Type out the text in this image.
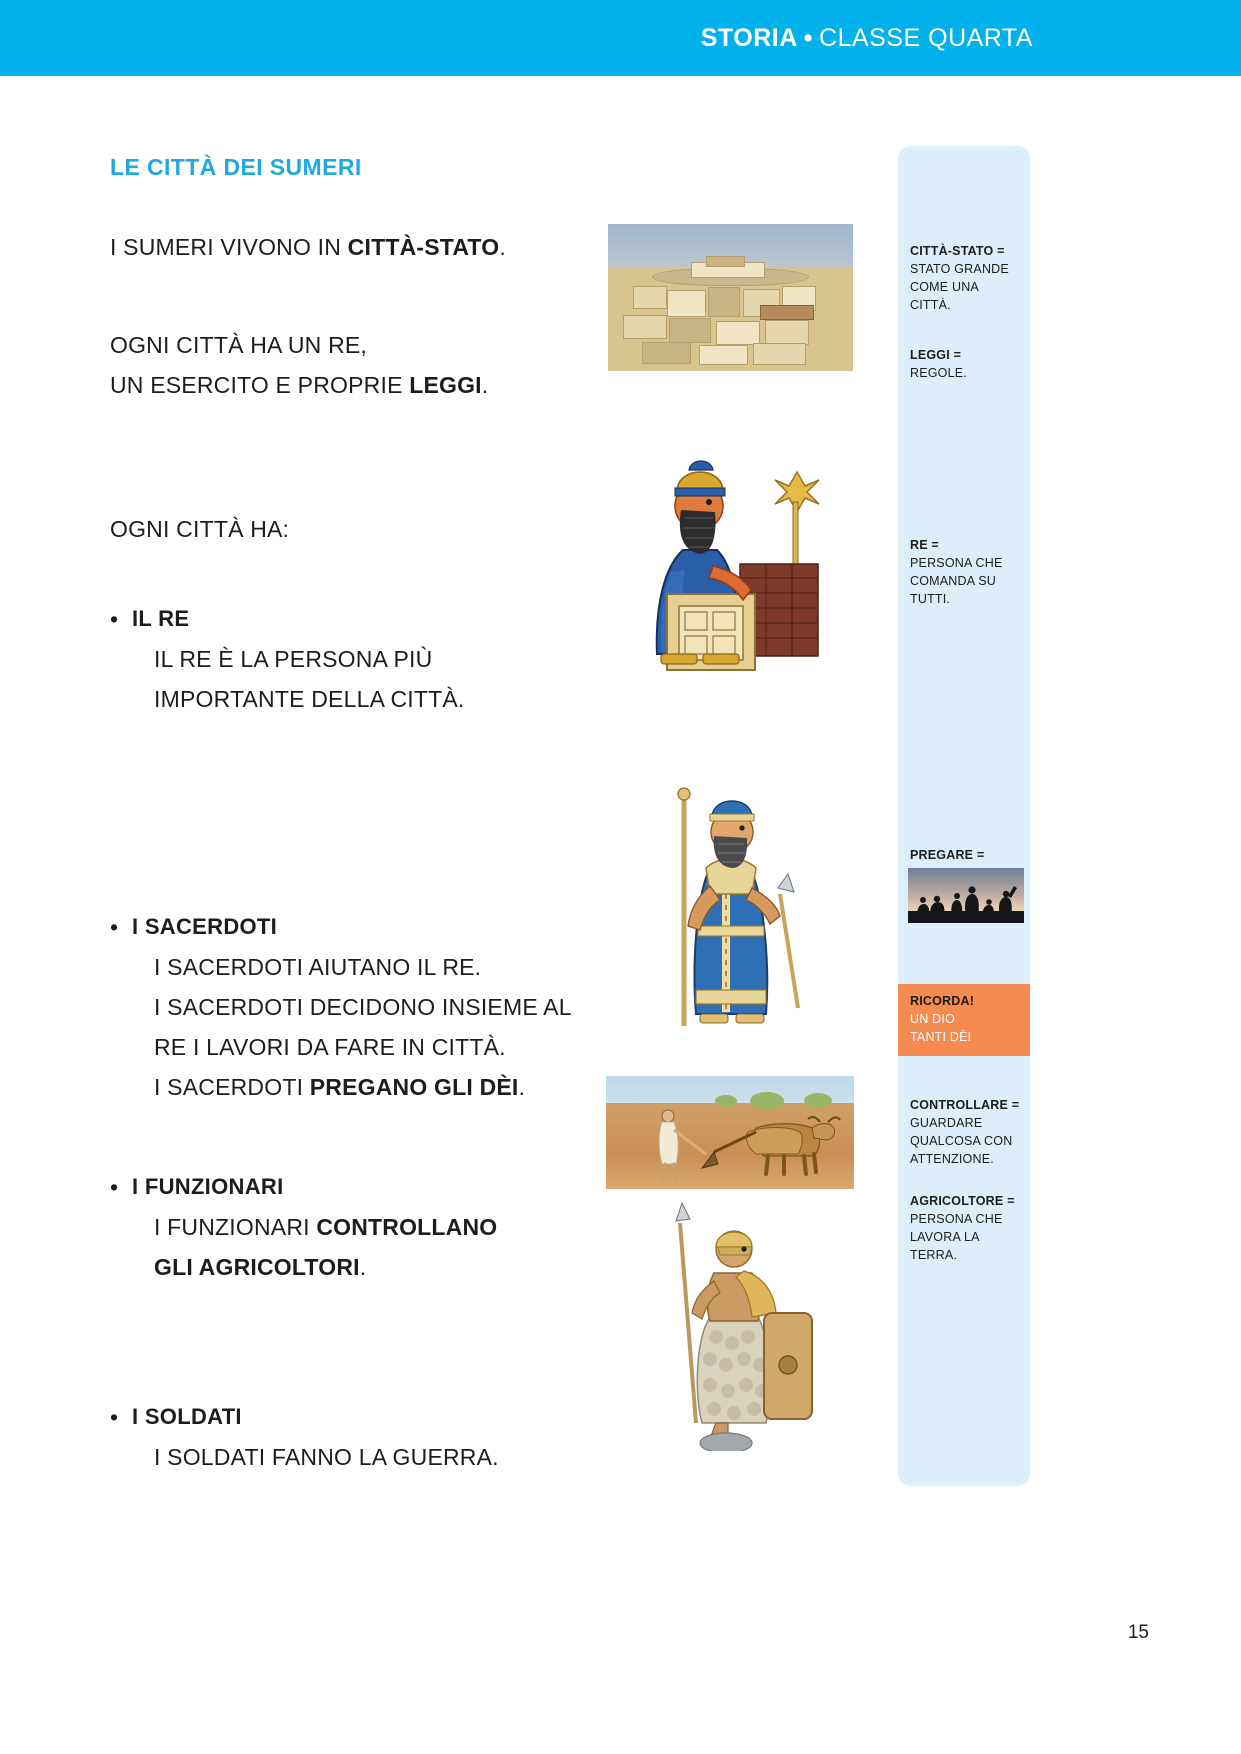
STORIA • CLASSE QUARTA
LE CITTÀ DEI SUMERI
I SUMERI VIVONO IN CITTÀ-STATO.
OGNI CITTÀ HA UN RE,
UN ESERCITO E PROPRIE LEGGI.
OGNI CITTÀ HA:
• IL RE
IL RE È LA PERSONA PIÙ
IMPORTANTE DELLA CITTÀ.
• I SACERDOTI
I SACERDOTI AIUTANO IL RE.
I SACERDOTI DECIDONO INSIEME AL
RE I LAVORI DA FARE IN CITTÀ.
I SACERDOTI PREGANO GLI DÈI.
• I FUNZIONARI
I FUNZIONARI CONTROLLANO
GLI AGRICOLTORI.
• I SOLDATI
I SOLDATI FANNO LA GUERRA.
CITTÀ-STATO =
STATO GRANDE
COME UNA
CITTÀ.
LEGGI =
REGOLE.
RE =
PERSONA CHE
COMANDA SU
TUTTI.
PREGARE =
RICORDA!
UN DIO
TANTI DÈI
CONTROLLARE =
GUARDARE
QUALCOSA CON
ATTENZIONE.
AGRICOLTORE =
PERSONA CHE
LAVORA LA
TERRA.
15
